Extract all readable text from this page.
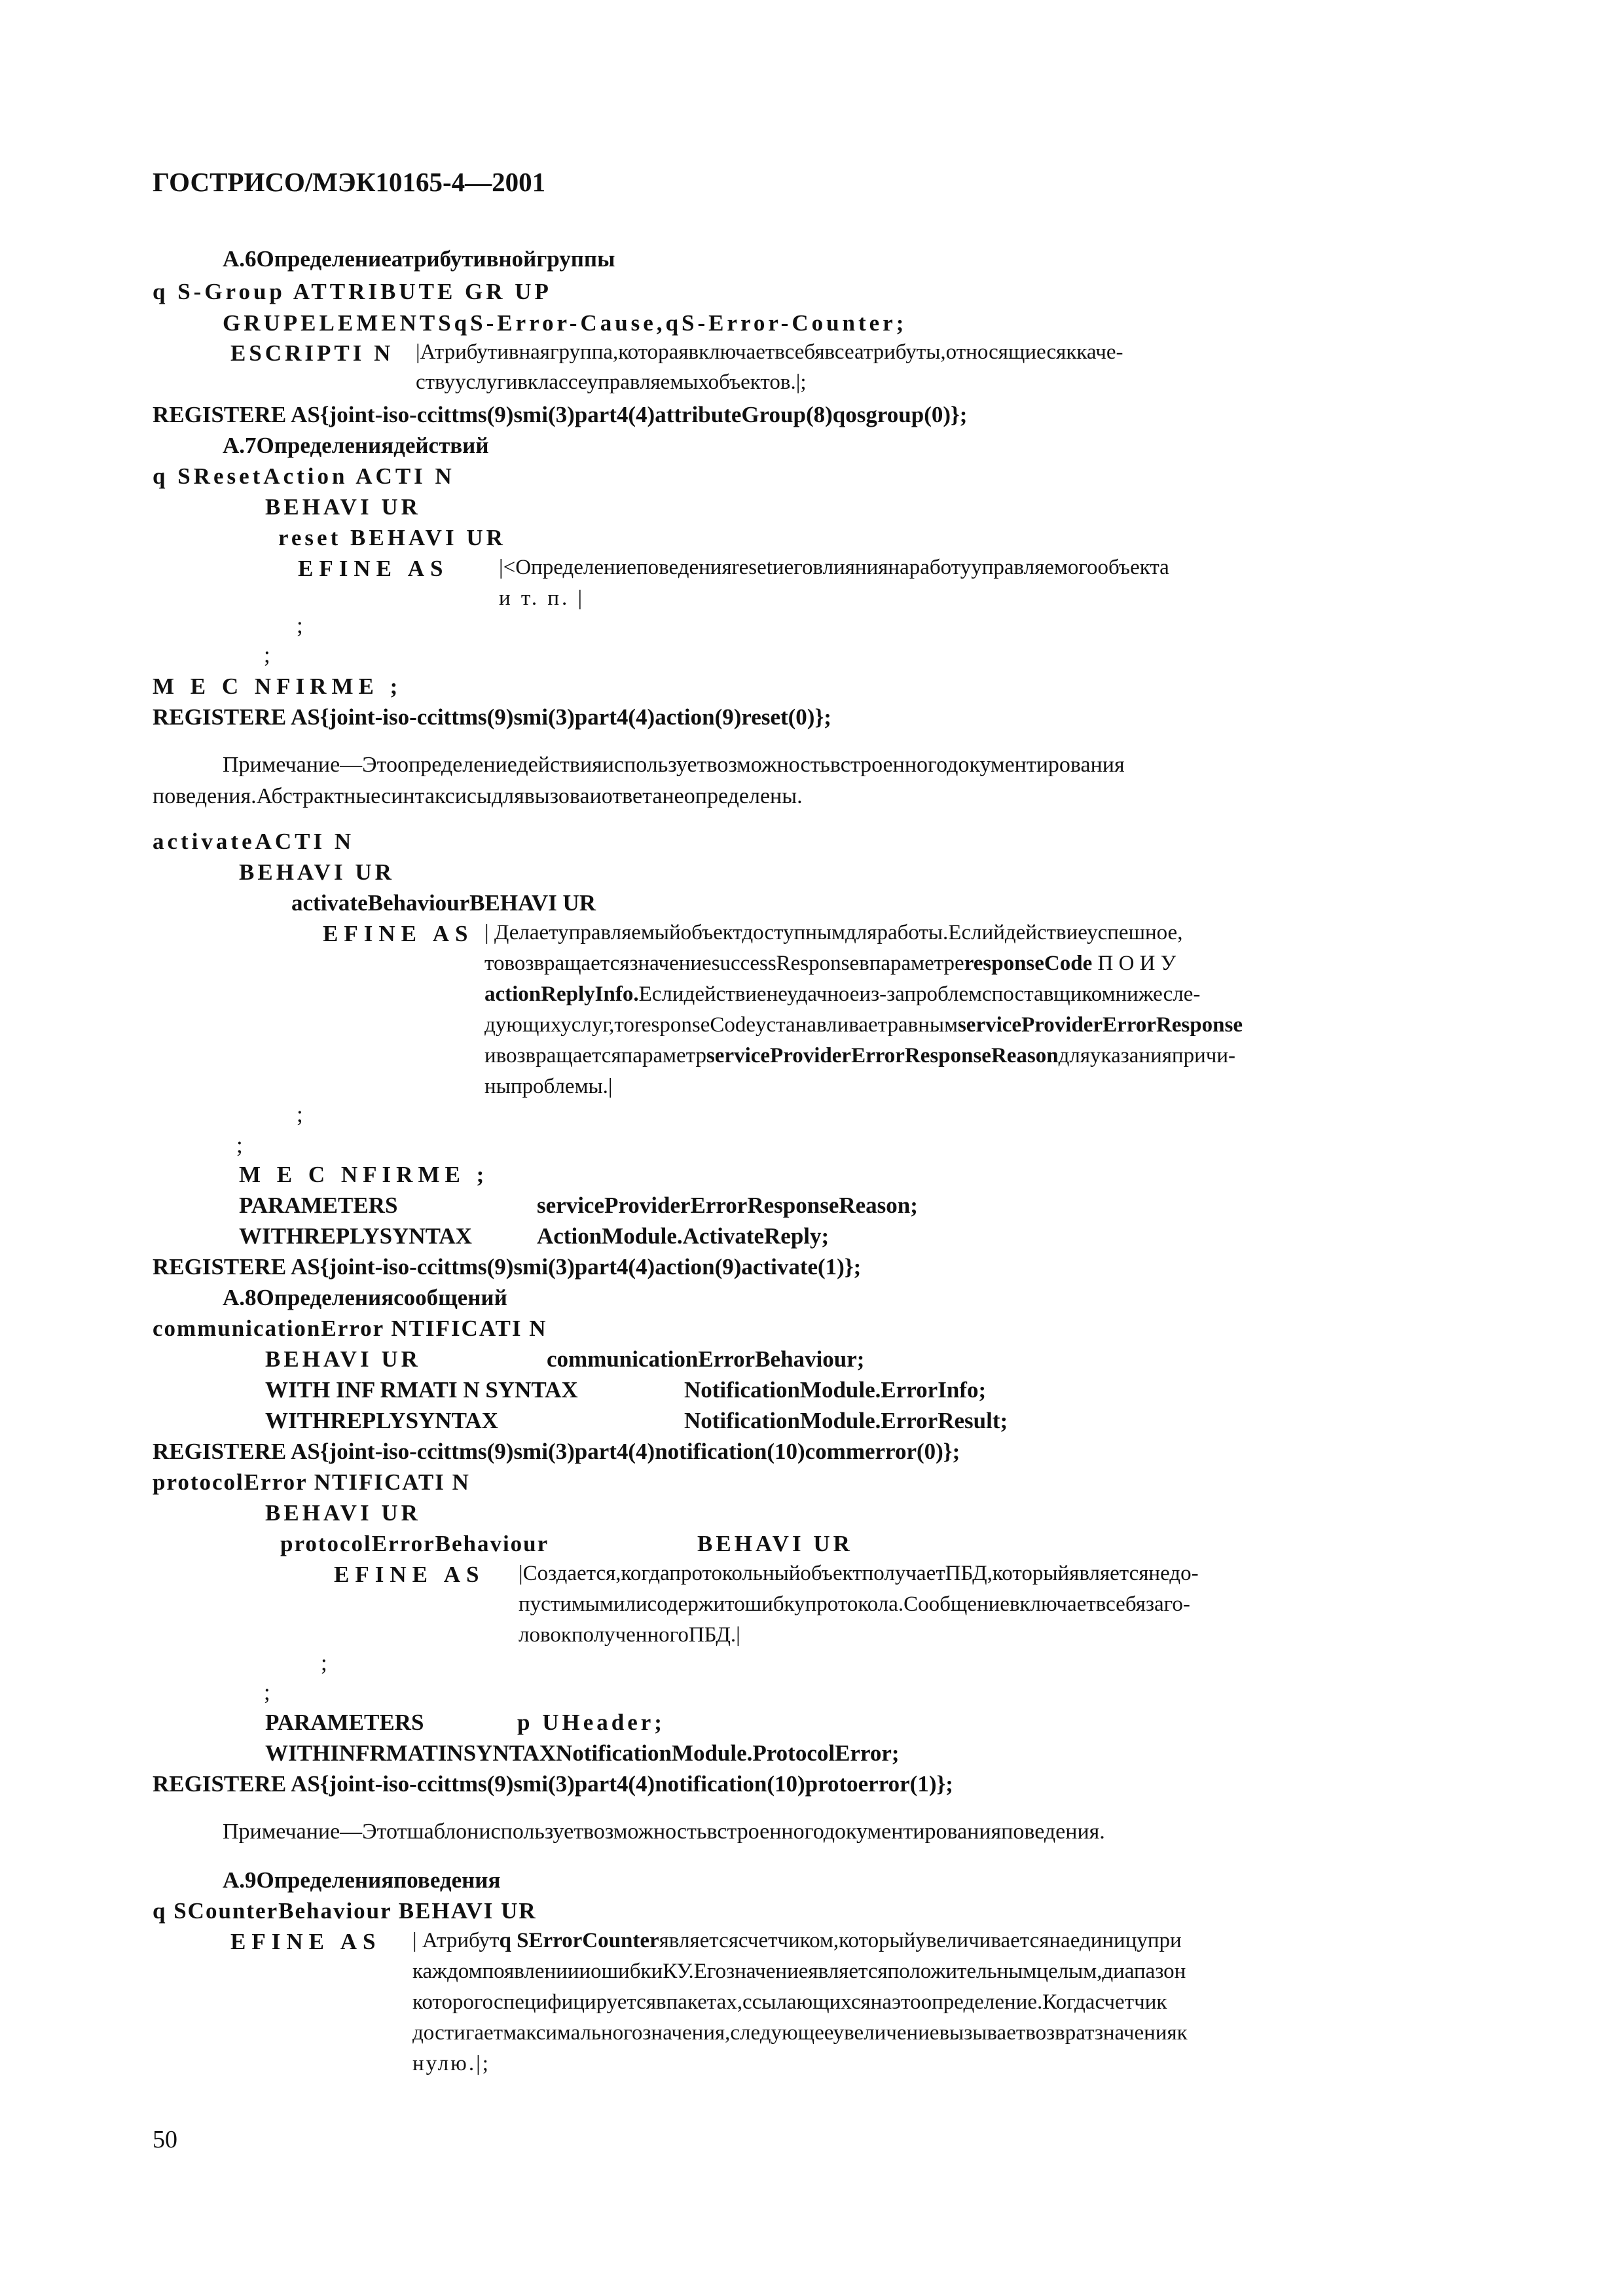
ГОСТРИСО/МЭК10165-4—2001
А.6Определениеатрибутивнойгруппы
q S-Group ATTRIBUTE GR UP
GRUPELEMENTSqS-Error-Cause,qS-Error-Counter;
ESCRIPTI N |Атрибутивнаягруппа,котораявключаетвсебявсеатрибуты,относящиесяккаче-
ствууслугивклассеуправляемыхобъектов.|;
REGISTERE AS{joint-iso-ccittms(9)smi(3)part4(4)attributeGroup(8)qosgroup(0)};
А.7Определениядействий
q SResetAction ACTI N
BEHAVI UR
reset BEHAVI UR
EFINE AS |<Определениеповеденияresetиеговлияниянаработууправляемогообъекта
и т. п. |
;
;
M E C NFIRME ;
REGISTERE AS{joint-iso-ccittms(9)smi(3)part4(4)action(9)reset(0)};
Примечание—Этоопределениедействияиспользуетвозможностьвстроенногодокументирования
поведения.Абстрактныесинтаксисыдлявызоваиответанеопределены.
activateACTI N
BEHAVI UR
activateBehaviourBEHAVI UR
EFINE AS | Делаетуправляемыйобъектдоступнымдляработы.Еслийдействиеуспешное,
товозвращаетсязначениеsuccessResponseвпараметреresponseCode П О И У
actionReplyInfo.Еслидействиенеудачноеиз-запроблемспоставщикомнижесле-
дующихуслуг,тоresponseCodeустанавливаетравнымserviceProviderErrorResponse
ивозвращаетсяпараметрserviceProviderErrorResponseReasonдляуказанияпричи-
ныпроблемы.|
;
;
M E C NFIRME ;
PARAMETERS	serviceProviderErrorResponseReason;
WITHREPLYSYNTAX	ActionModule.ActivateReply;
REGISTERE AS{joint-iso-ccittms(9)smi(3)part4(4)action(9)activate(1)};
А.8Определениясообщений
communicationError NTIFICATI N
BEHAVI UR	communicationErrorBehaviour;
WITH INF RMATI N SYNTAX	NotificationModule.ErrorInfo;
WITHREPLYSYNTAX	NotificationModule.ErrorResult;
REGISTERE AS{joint-iso-ccittms(9)smi(3)part4(4)notification(10)commerror(0)};
protocolError NTIFICATI N
BEHAVI UR
protocolErrorBehaviour	BEHAVI UR
EFINE AS |Создается,когдапротокольныйобъектполучаетПБД,которыйявляетсянедо-
пустимымилисодержитошибкупротокола.Сообщениевключаетвсебязаго-
ловокполученногоПБД.|
;
;
PARAMETERS	p UHeader;
WITHINFRMATINSYNTAXNotificationModule.ProtocolError;
REGISTERE AS{joint-iso-ccittms(9)smi(3)part4(4)notification(10)protoerror(1)};
Примечание—Этотшаблониспользуетвозможностьвстроенногодокументированияповедения.
А.9Определенияповедения
q SCounterBehaviour BEHAVI UR
EFINE AS | Атрибутq SErrorCounterявляетсясчетчиком,которыйувеличиваетсянаединицупри
каждомпоявлениииошибкиКУ.Егозначениеявляетсяположительнымцелым,диапазон
которогоспецифицируетсявпакетах,ссылающихсянаэтоопределение.Когдасчетчик
достигаетмаксимальногозначения,следующееувеличениевызываетвозвратзначенияк
нулю.|;
50
